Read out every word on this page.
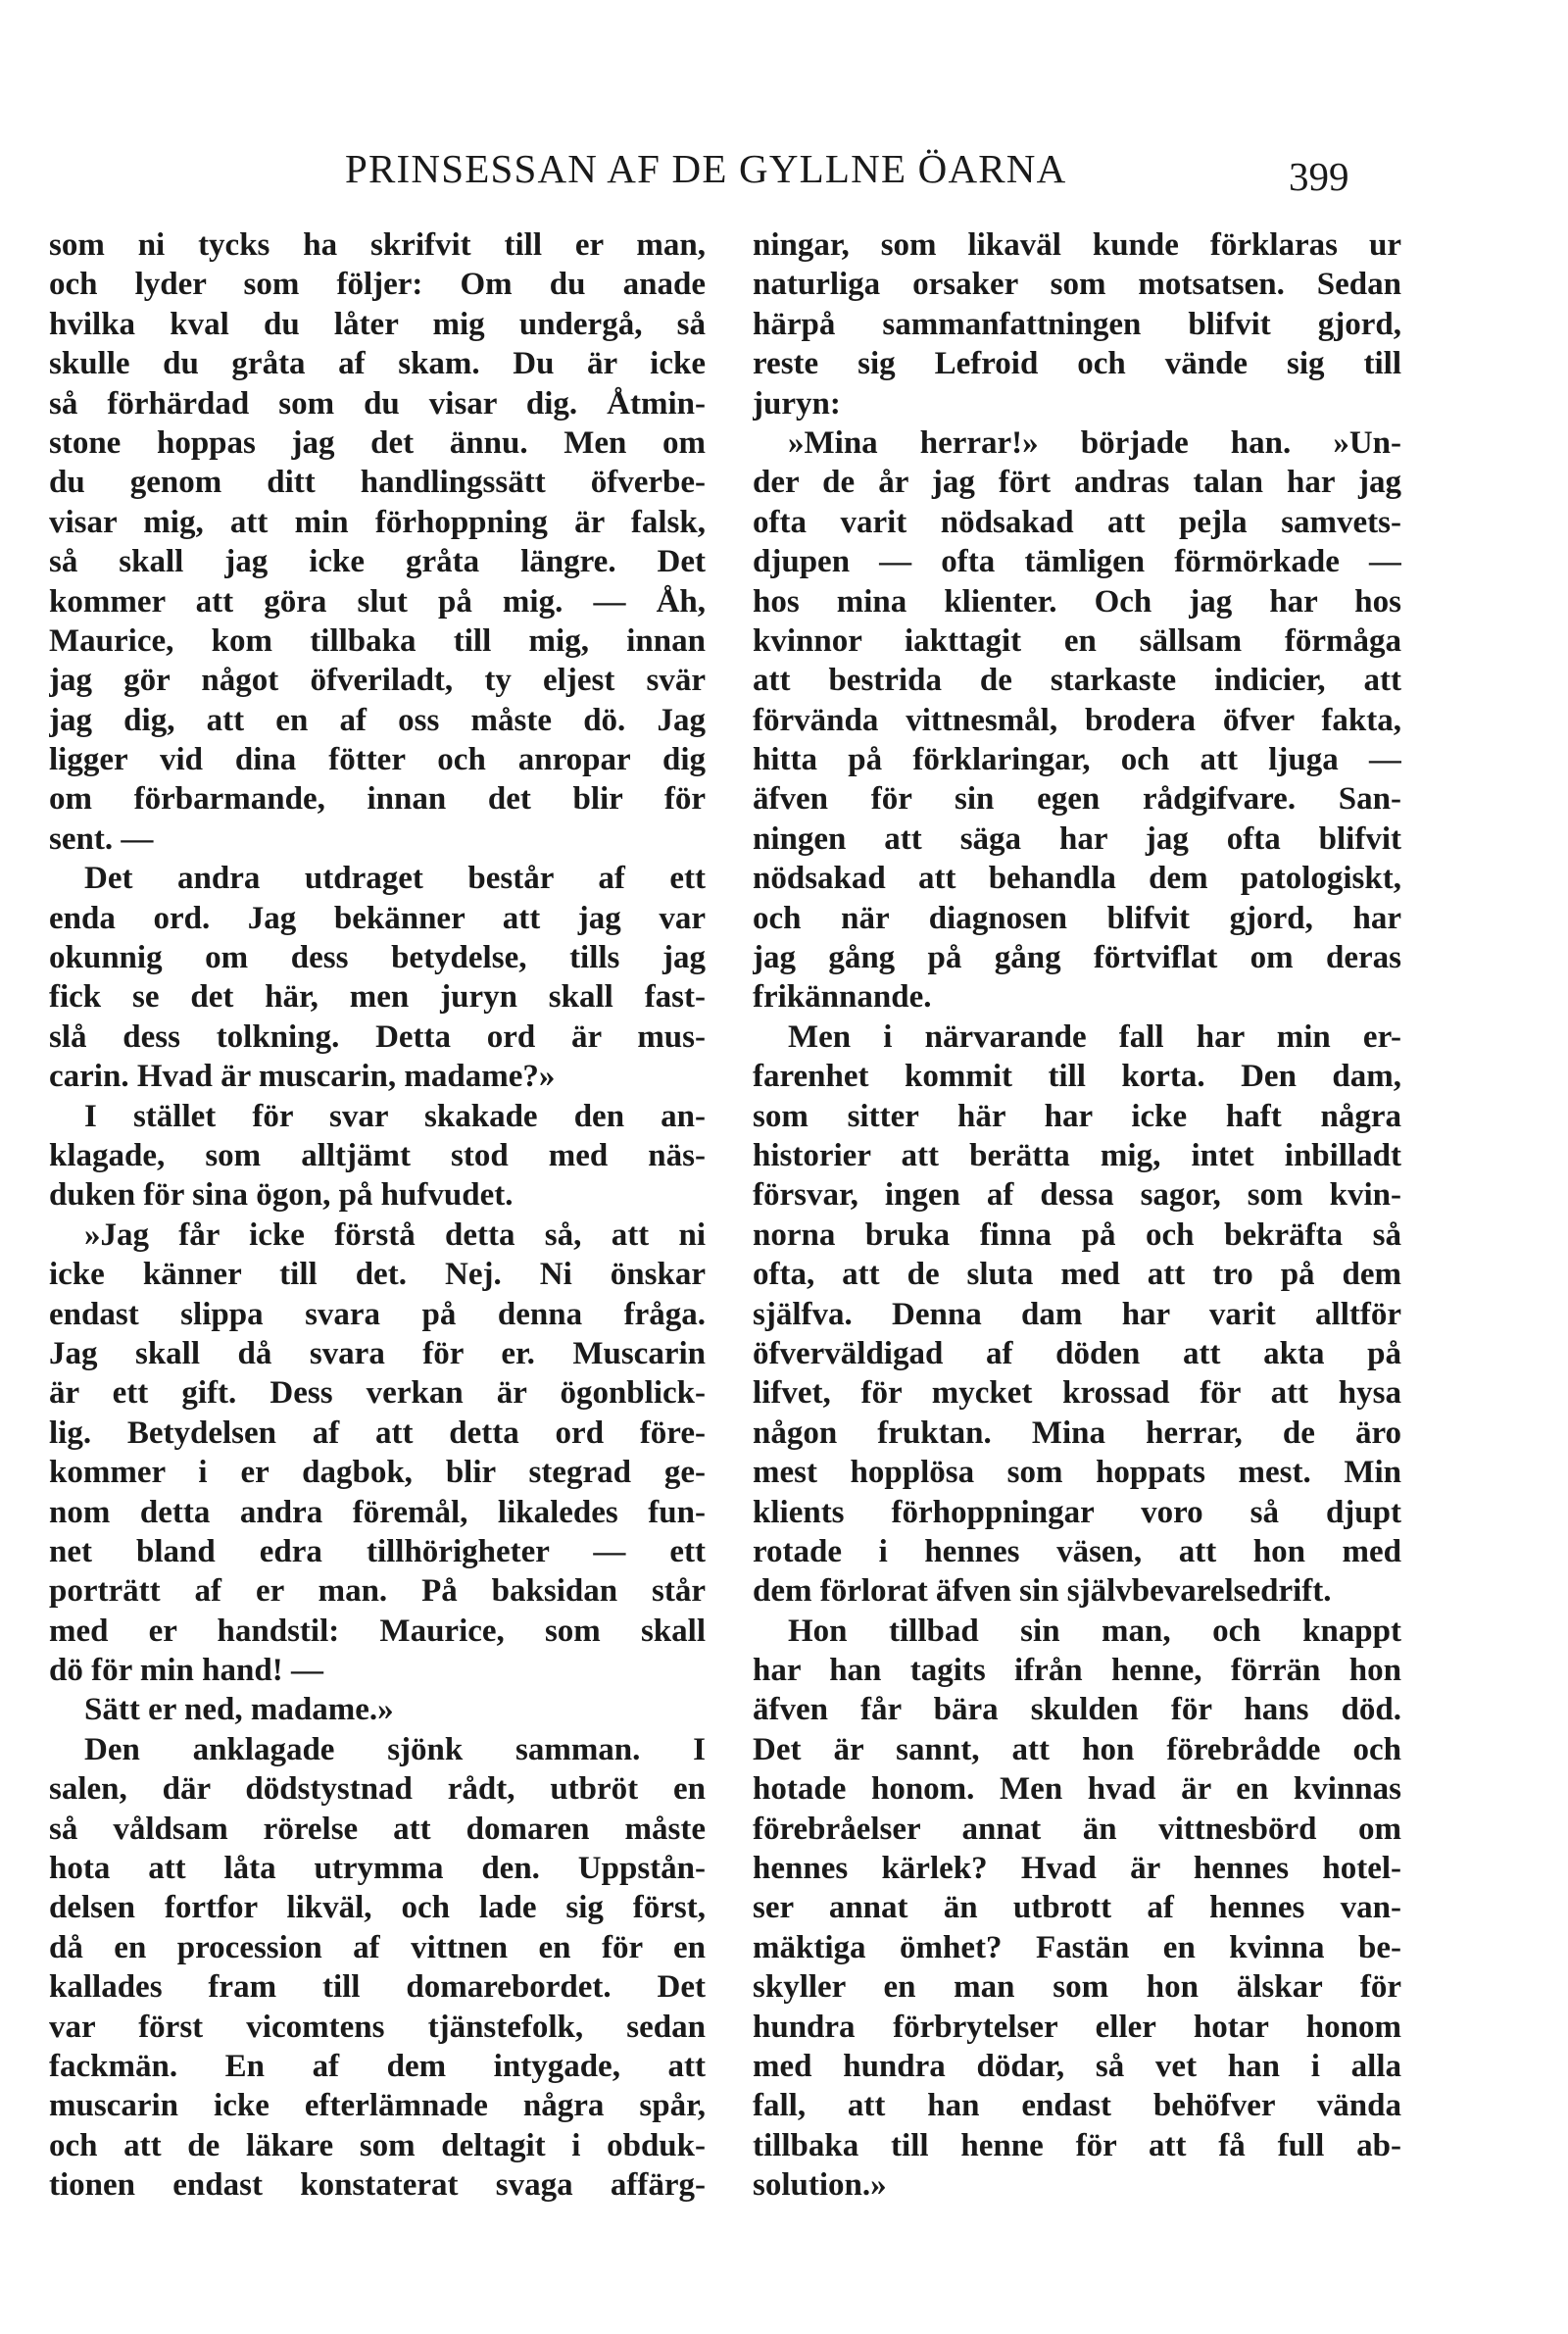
PRINSESSAN AF DE GYLLNE ÖARNA	399
som ni tycks ha skrifvit till er man,
och lyder som följer: Om du anade
hvilka kval du låter mig undergå, så
skulle du gråta af skam. Du är icke
så förhärdad som du visar dig. Åtmin-
stone hoppas jag det ännu. Men om
du genom ditt handlingssätt öfverbe-
visar mig, att min förhoppning är falsk,
så skall jag icke gråta längre. Det
kommer att göra slut på mig. — Åh,
Maurice, kom tillbaka till mig, innan
jag gör något öfveriladt, ty eljest svär
jag dig, att en af oss måste dö. Jag
ligger vid dina fötter och anropar dig
om förbarmande, innan det blir för
sent. —
Det andra utdraget består af ett
enda ord. Jag bekänner att jag var
okunnig om dess betydelse, tills jag
fick se det här, men juryn skall fast-
slå dess tolkning. Detta ord är mus-
carin. Hvad är muscarin, madame?»
I stället för svar skakade den an-
klagade, som alltjämt stod med näs-
duken för sina ögon, på hufvudet.
»Jag får icke förstå detta så, att ni
icke känner till det. Nej. Ni önskar
endast slippa svara på denna fråga.
Jag skall då svara för er. Muscarin
är ett gift. Dess verkan är ögonblick-
lig. Betydelsen af att detta ord före-
kommer i er dagbok, blir stegrad ge-
nom detta andra föremål, likaledes fun-
net bland edra tillhörigheter — ett
porträtt af er man. På baksidan står
med er handstil: Maurice, som skall
dö för min hand! —
Sätt er ned, madame.»
Den anklagade sjönk samman. I
salen, där dödstystnad rådt, utbröt en
så våldsam rörelse att domaren måste
hota att låta utrymma den. Uppstån-
delsen fortfor likväl, och lade sig först,
då en procession af vittnen en för en
kallades fram till domarebordet. Det
var först vicomtens tjänstefolk, sedan
fackmän. En af dem intygade, att
muscarin icke efterlämnade några spår,
och att de läkare som deltagit i obduk-
tionen endast konstaterat svaga affärg-
ningar, som likaväl kunde förklaras ur
naturliga orsaker som motsatsen. Sedan
härpå sammanfattningen blifvit gjord,
reste sig Lefroid och vände sig till
juryn:
»Mina herrar!» började han. »Un-
der de år jag fört andras talan har jag
ofta varit nödsakad att pejla samvets-
djupen — ofta tämligen förmörkade —
hos mina klienter. Och jag har hos
kvinnor iakttagit en sällsam förmåga
att bestrida de starkaste indicier, att
förvända vittnesmål, brodera öfver fakta,
hitta på förklaringar, och att ljuga —
äfven för sin egen rådgifvare. San-
ningen att säga har jag ofta blifvit
nödsakad att behandla dem patologiskt,
och när diagnosen blifvit gjord, har
jag gång på gång förtviflat om deras
frikännande.
Men i närvarande fall har min er-
farenhet kommit till korta. Den dam,
som sitter här har icke haft några
historier att berätta mig, intet inbilladt
försvar, ingen af dessa sagor, som kvin-
norna bruka finna på och bekräfta så
ofta, att de sluta med att tro på dem
själfva. Denna dam har varit alltför
öfverväldigad af döden att akta på
lifvet, för mycket krossad för att hysa
någon fruktan. Mina herrar, de äro
mest hopplösa som hoppats mest. Min
klients förhoppningar voro så djupt
rotade i hennes väsen, att hon med
dem förlorat äfven sin självbevarelsedrift.
Hon tillbad sin man, och knappt
har han tagits ifrån henne, förrän hon
äfven får bära skulden för hans död.
Det är sannt, att hon förebrådde och
hotade honom. Men hvad är en kvinnas
förebråelser annat än vittnesbörd om
hennes kärlek? Hvad är hennes hotel-
ser annat än utbrott af hennes van-
mäktiga ömhet? Fastän en kvinna be-
skyller en man som hon älskar för
hundra förbrytelser eller hotar honom
med hundra dödar, så vet han i alla
fall, att han endast behöfver vända
tillbaka till henne för att få full ab-
solution.»
